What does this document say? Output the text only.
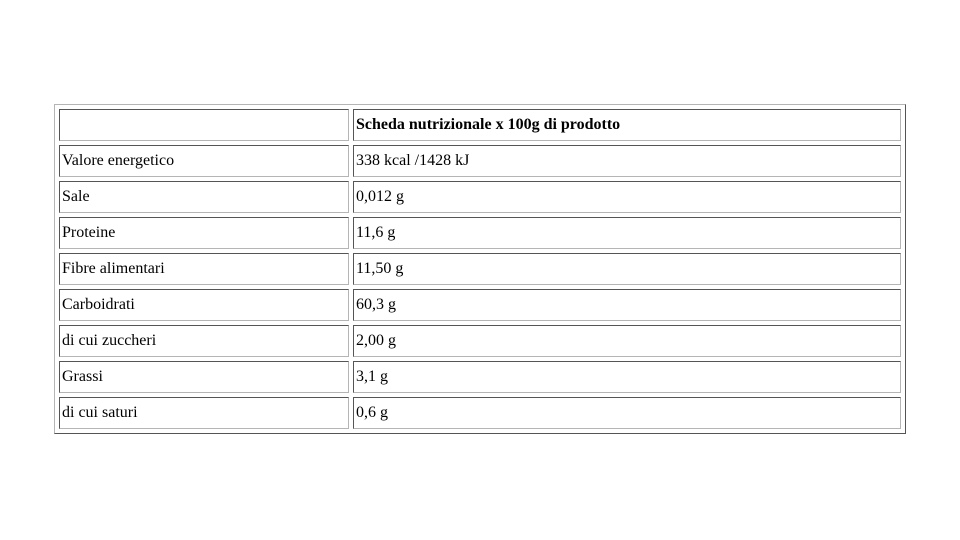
	Scheda nutrizionale x 100g di prodotto
Valore energetico	338 kcal /1428 kJ
Sale	0,012 g
Proteine	11,6 g
Fibre alimentari	11,50 g
Carboidrati	60,3 g
di cui zuccheri	2,00 g
Grassi	3,1 g
di cui saturi	0,6 g
